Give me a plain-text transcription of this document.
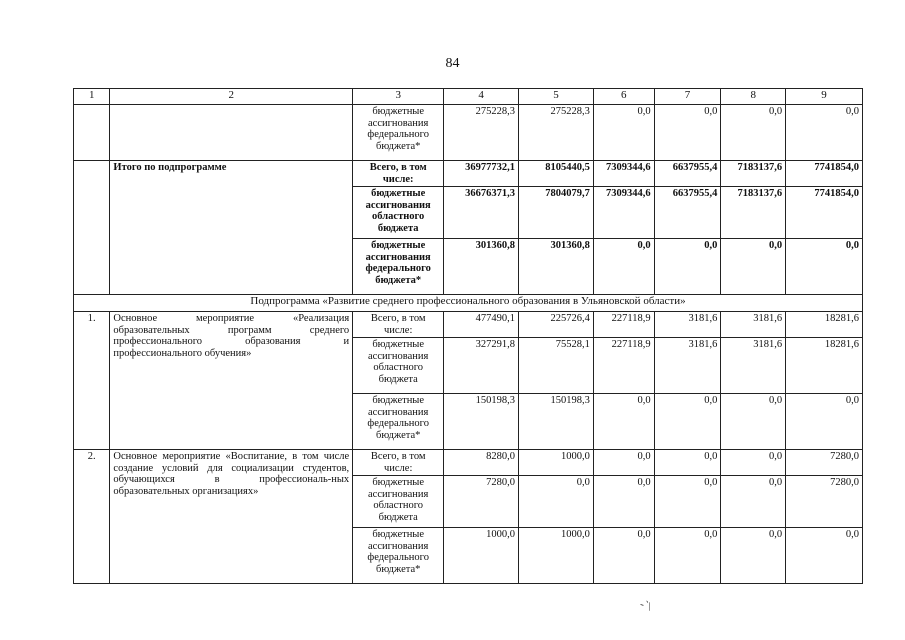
84
1	2	3	4	5	6	7	8	9
		бюджетные ассигнования федерального бюджета*	275228,3	275228,3	0,0	0,0	0,0	0,0
	Итого по подпрограмме	Всего, в том числе:	36977732,1	8105440,5	7309344,6	6637955,4	7183137,6	7741854,0
		бюджетные ассигнования областного бюджета	36676371,3	7804079,7	7309344,6	6637955,4	7183137,6	7741854,0
		бюджетные ассигнования федерального бюджета*	301360,8	301360,8	0,0	0,0	0,0	0,0
Подпрограмма «Развитие среднего профессионального образования в Ульяновской области»								
1.	Основное мероприятие «Реализация образовательных программ среднего профессионального образования и профессионального обучения»	Всего, в том числе:	477490,1	225726,4	227118,9	3181,6	3181,6	18281,6
		бюджетные ассигнования областного бюджета	327291,8	75528,1	227118,9	3181,6	3181,6	18281,6
		бюджетные ассигнования федерального бюджета*	150198,3	150198,3	0,0	0,0	0,0	0,0
2.	Основное мероприятие «Воспитание, в том числе создание условий для социализации студентов, обучающихся в профессиональ-ных образовательных организациях»	Всего, в том числе:	8280,0	1000,0	0,0	0,0	0,0	7280,0
		бюджетные ассигнования областного бюджета	7280,0	0,0	0,0	0,0	0,0	7280,0
		бюджетные ассигнования федерального бюджета*	1000,0	1000,0	0,0	0,0	0,0	0,0
-`\
